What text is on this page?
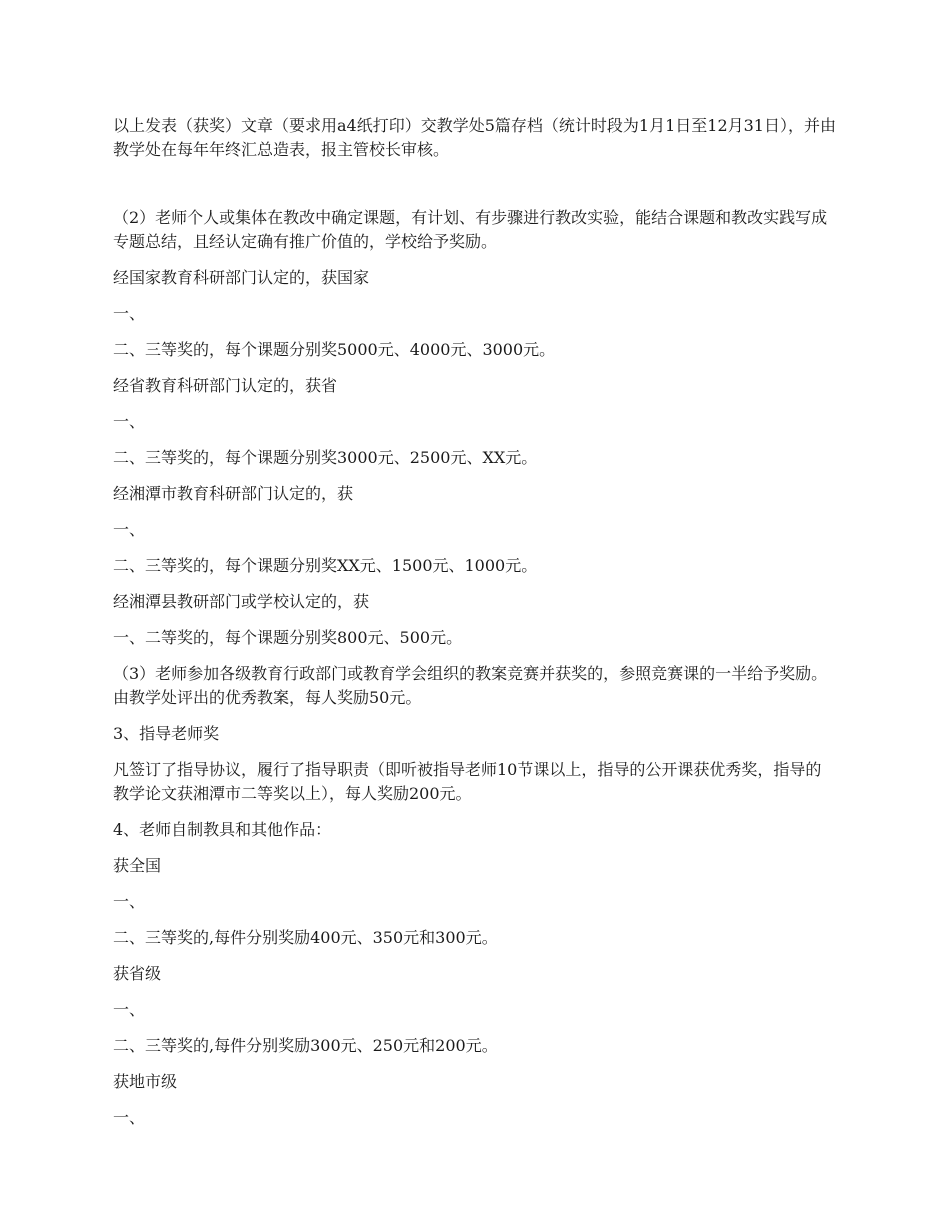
以上发表（获奖）文章（要求用a4纸打印）交教学处5篇存档（统计时段为1月1日至12月31日），并由教学处在每年年终汇总造表，报主管校长审核。

（2）老师个人或集体在教改中确定课题，有计划、有步骤进行教改实验，能结合课题和教改实践写成专题总结，且经认定确有推广价值的，学校给予奖励。

经国家教育科研部门认定的，获国家

一、

二、三等奖的，每个课题分别奖5000元、4000元、3000元。

经省教育科研部门认定的，获省

一、

二、三等奖的，每个课题分别奖3000元、2500元、XX元。

经湘潭市教育科研部门认定的，获

一、

二、三等奖的，每个课题分别奖XX元、1500元、1000元。

经湘潭县教研部门或学校认定的，获

一、二等奖的，每个课题分别奖800元、500元。

（3）老师参加各级教育行政部门或教育学会组织的教案竞赛并获奖的，参照竞赛课的一半给予奖励。由教学处评出的优秀教案，每人奖励50元。

3、指导老师奖

凡签订了指导协议，履行了指导职责（即听被指导老师10节课以上，指导的公开课获优秀奖，指导的教学论文获湘潭市二等奖以上），每人奖励200元。

4、老师自制教具和其他作品：

获全国

一、

二、三等奖的,每件分别奖励400元、350元和300元。

获省级

一、

二、三等奖的,每件分别奖励300元、250元和200元。

获地市级

一、
